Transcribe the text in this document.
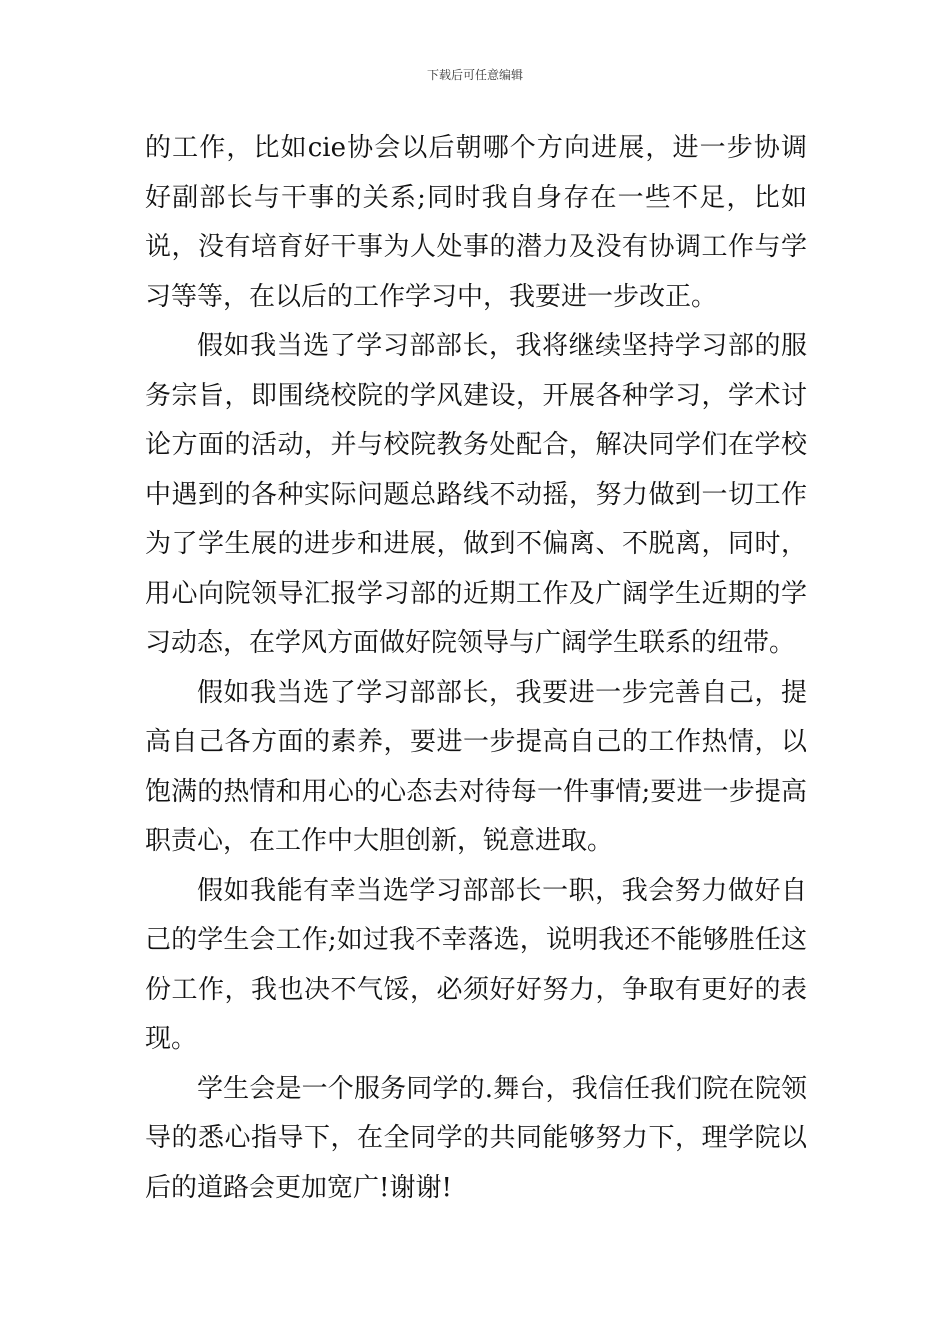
下载后可任意编辑

的工作，比如cie协会以后朝哪个方向进展，进一步协调好副部长与干事的关系;同时我自身存在一些不足，比如说，没有培育好干事为人处事的潜力及没有协调工作与学习等等，在以后的工作学习中，我要进一步改正。

假如我当选了学习部部长，我将继续坚持学习部的服务宗旨，即围绕校院的学风建设，开展各种学习，学术讨论方面的活动，并与校院教务处配合，解决同学们在学校中遇到的各种实际问题总路线不动摇，努力做到一切工作为了学生展的进步和进展，做到不偏离、不脱离，同时，用心向院领导汇报学习部的近期工作及广阔学生近期的学习动态，在学风方面做好院领导与广阔学生联系的纽带。

假如我当选了学习部部长，我要进一步完善自己，提高自己各方面的素养，要进一步提高自己的工作热情，以饱满的热情和用心的心态去对待每一件事情;要进一步提高职责心，在工作中大胆创新，锐意进取。

假如我能有幸当选学习部部长一职，我会努力做好自己的学生会工作;如过我不幸落选，说明我还不能够胜任这份工作，我也决不气馁，必须好好努力，争取有更好的表现。

学生会是一个服务同学的.舞台，我信任我们院在院领导的悉心指导下，在全同学的共同能够努力下，理学院以后的道路会更加宽广!谢谢!
